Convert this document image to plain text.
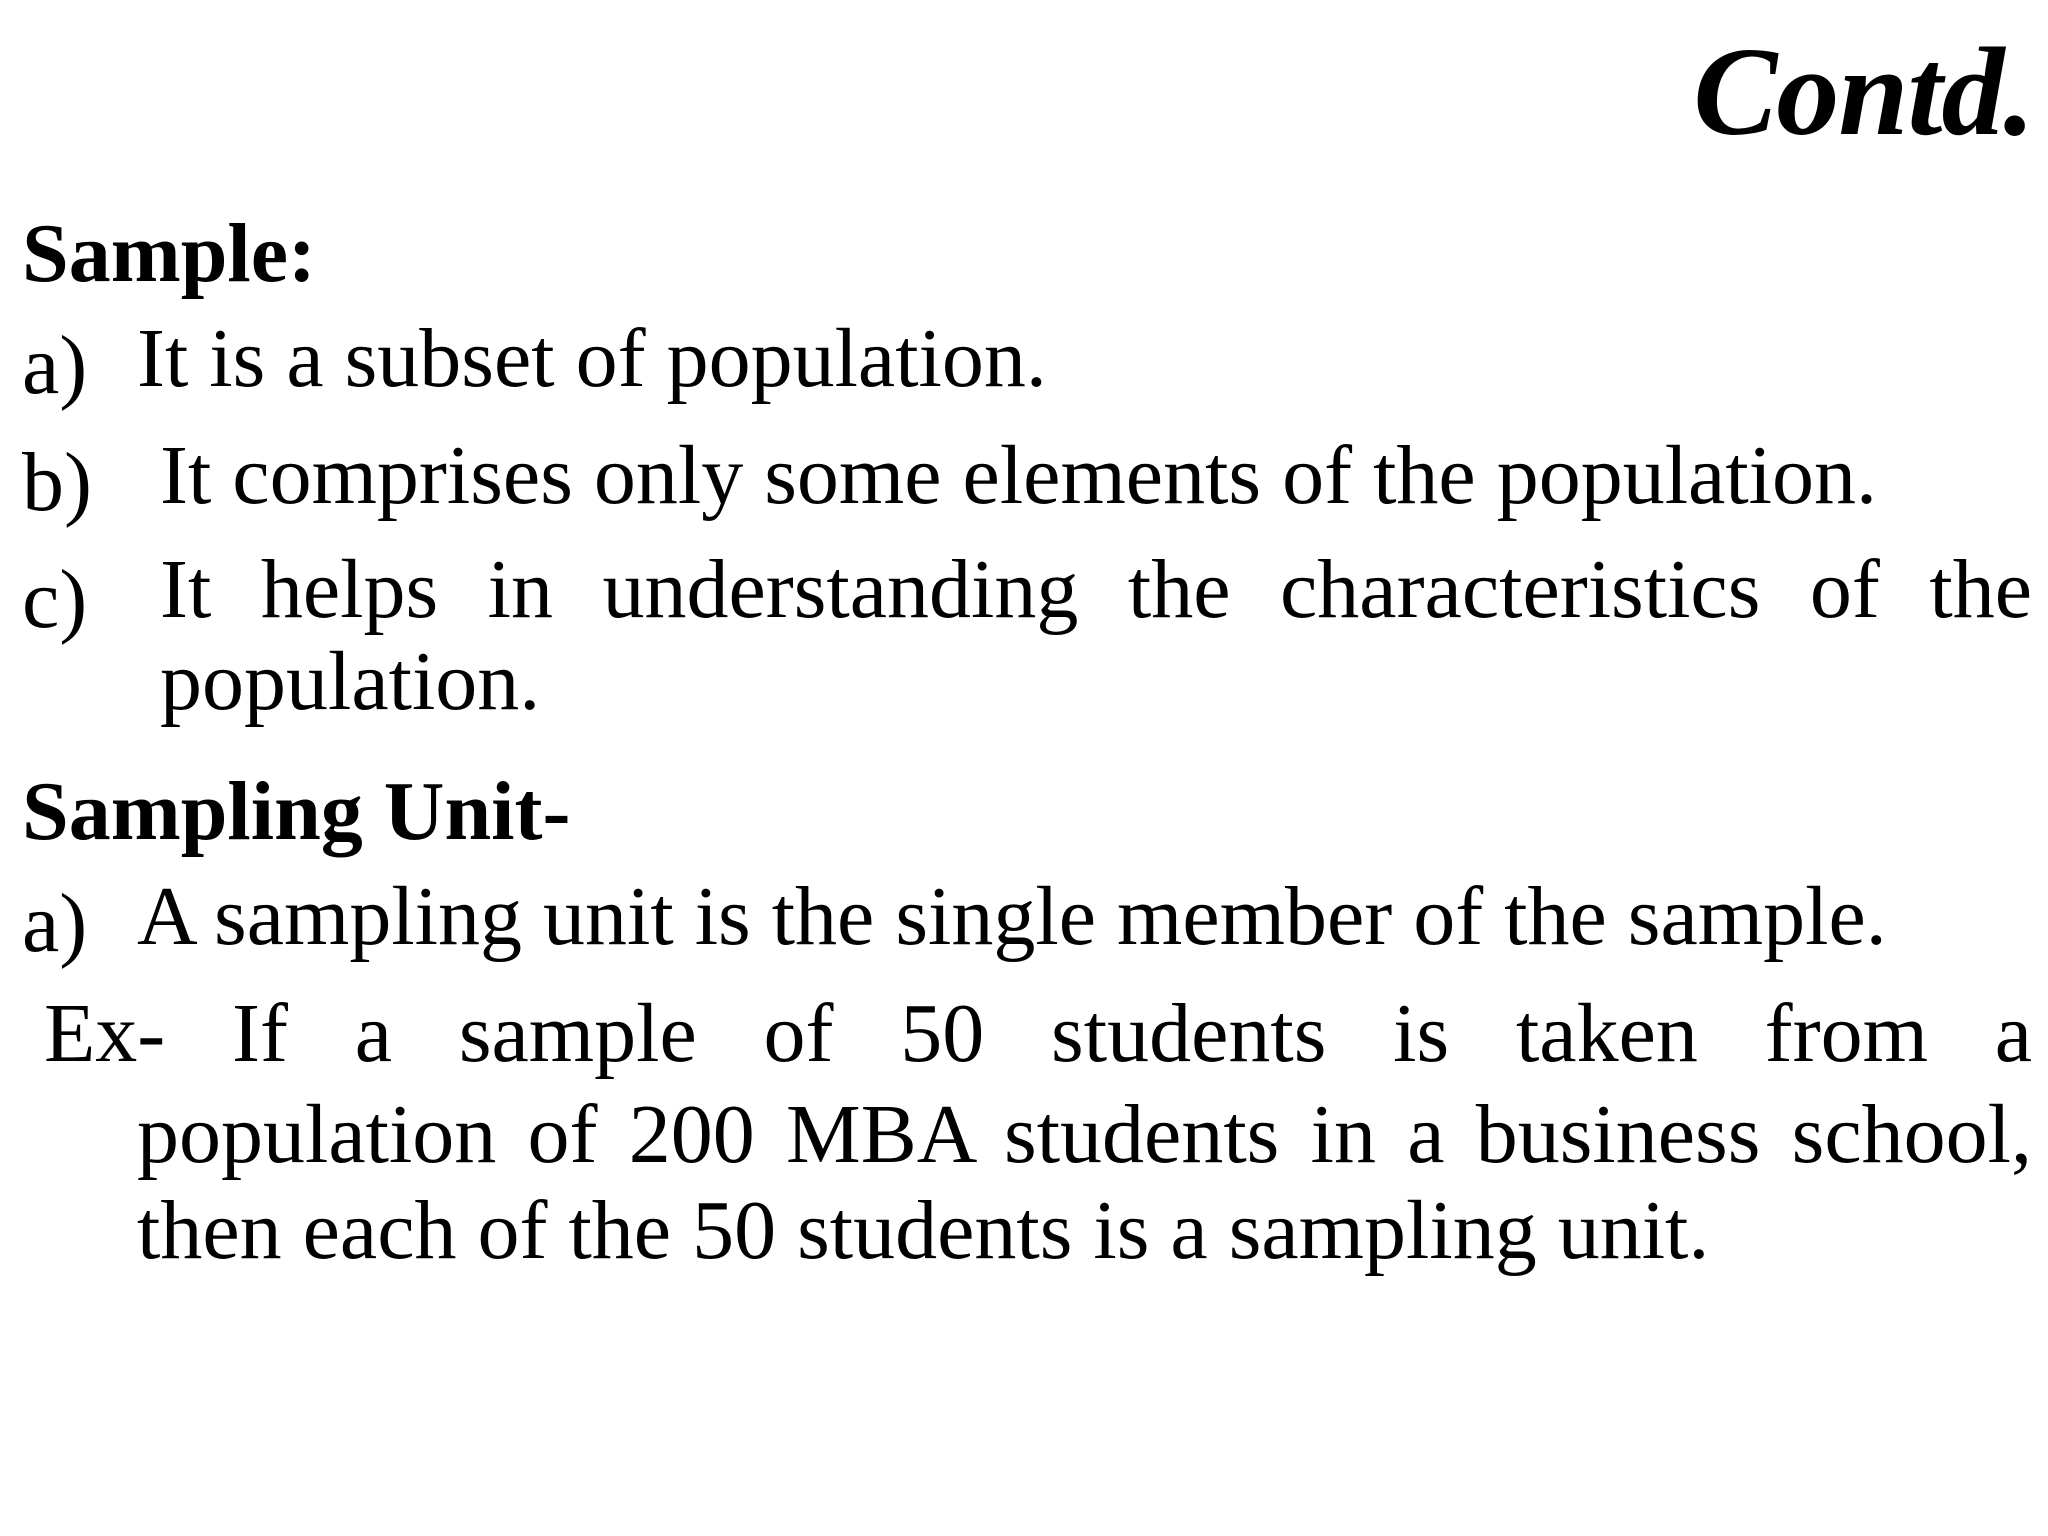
Contd.
Sample:
a) It is a subset of population.
b) It comprises only some elements of the population.
c) It helps in understanding the characteristics of the population.
Sampling Unit-
a) A sampling unit is the single member of the sample.
Ex- If a sample of 50 students is taken from a
population of 200 MBA students in a business school, then each of the 50 students is a sampling unit.
